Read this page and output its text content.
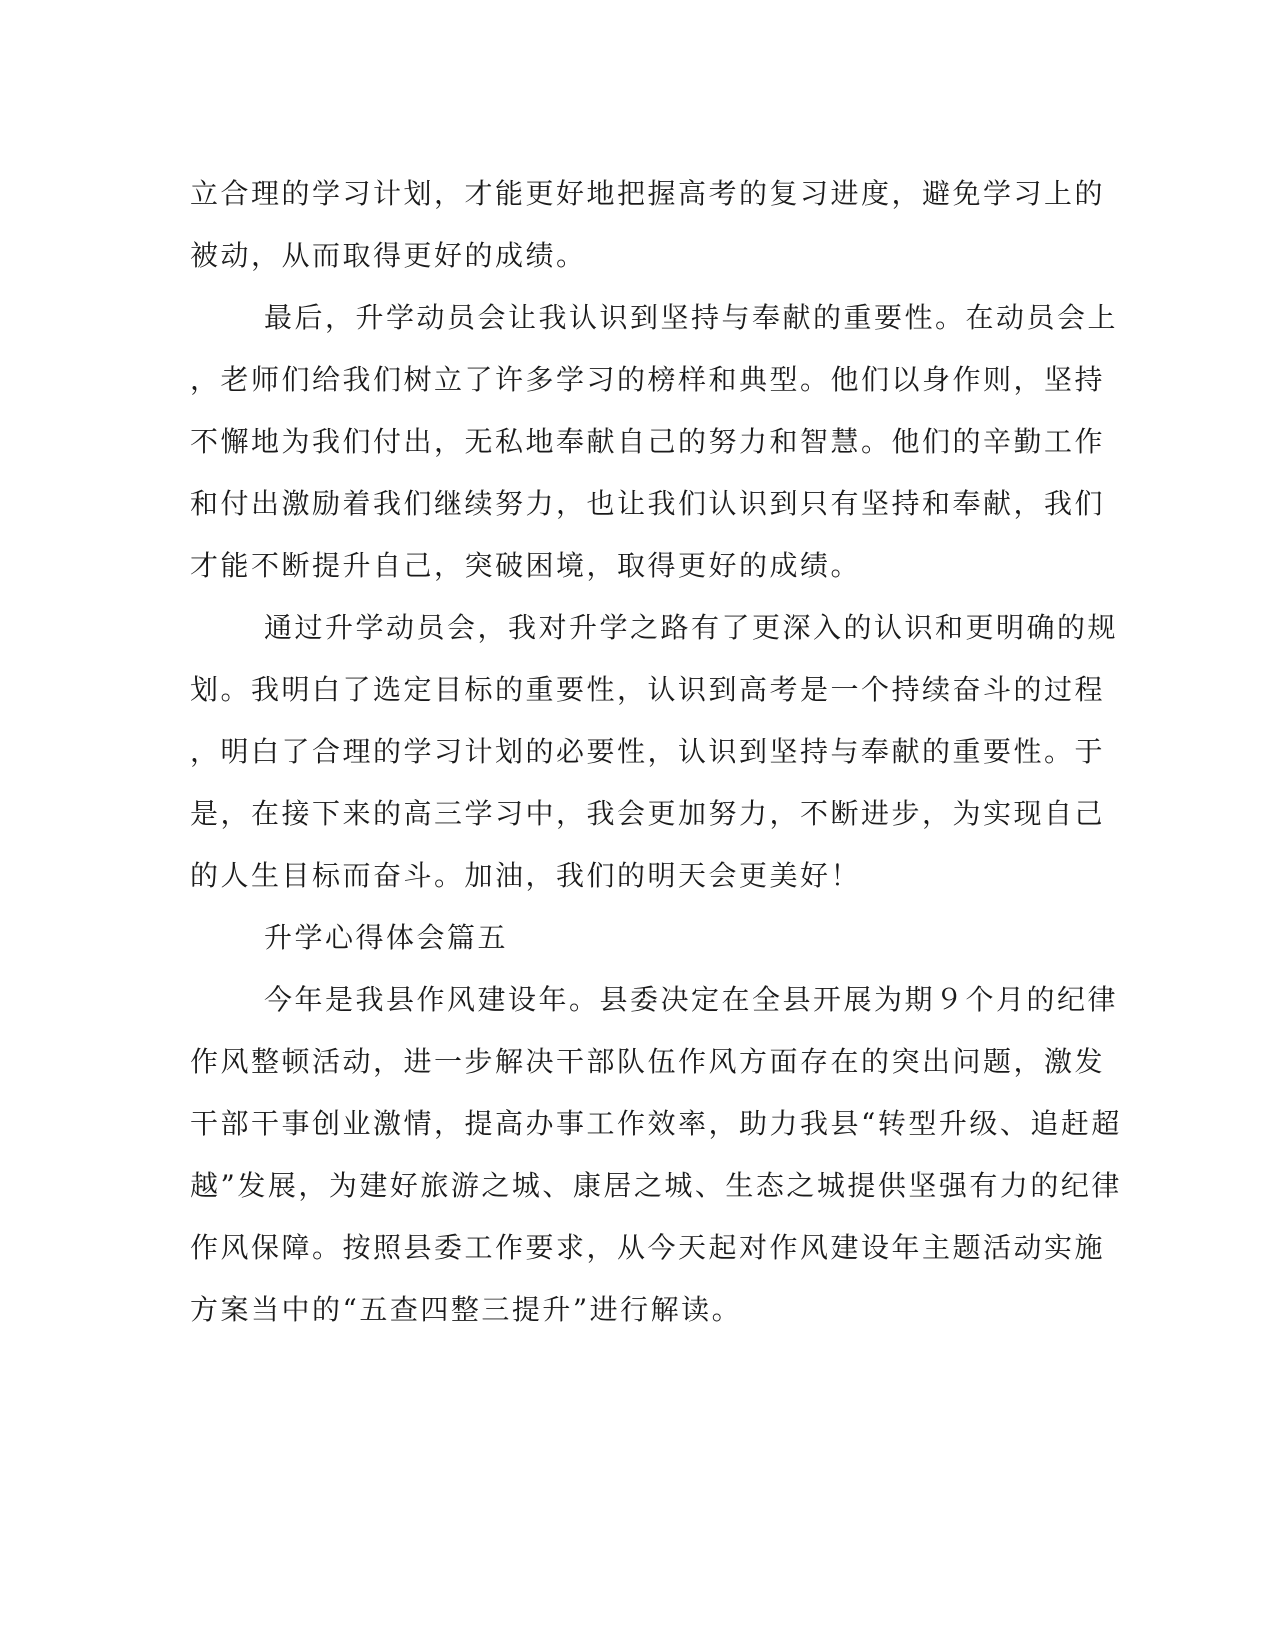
立合理的学习计划，才能更好地把握高考的复习进度，避免学习上的
被动，从而取得更好的成绩。
最后，升学动员会让我认识到坚持与奉献的重要性。在动员会上
，老师们给我们树立了许多学习的榜样和典型。他们以身作则，坚持
不懈地为我们付出，无私地奉献自己的努力和智慧。他们的辛勤工作
和付出激励着我们继续努力，也让我们认识到只有坚持和奉献，我们
才能不断提升自己，突破困境，取得更好的成绩。
通过升学动员会，我对升学之路有了更深入的认识和更明确的规
划。我明白了选定目标的重要性，认识到高考是一个持续奋斗的过程
，明白了合理的学习计划的必要性，认识到坚持与奉献的重要性。于
是，在接下来的高三学习中，我会更加努力，不断进步，为实现自己
的人生目标而奋斗。加油，我们的明天会更美好！
升学心得体会篇五
今年是我县作风建设年。县委决定在全县开展为期９个月的纪律
作风整顿活动，进一步解决干部队伍作风方面存在的突出问题，激发
干部干事创业激情，提高办事工作效率，助力我县“转型升级、追赶超
越”发展，为建好旅游之城、康居之城、生态之城提供坚强有力的纪律
作风保障。按照县委工作要求，从今天起对作风建设年主题活动实施
方案当中的“五查四整三提升”进行解读。
